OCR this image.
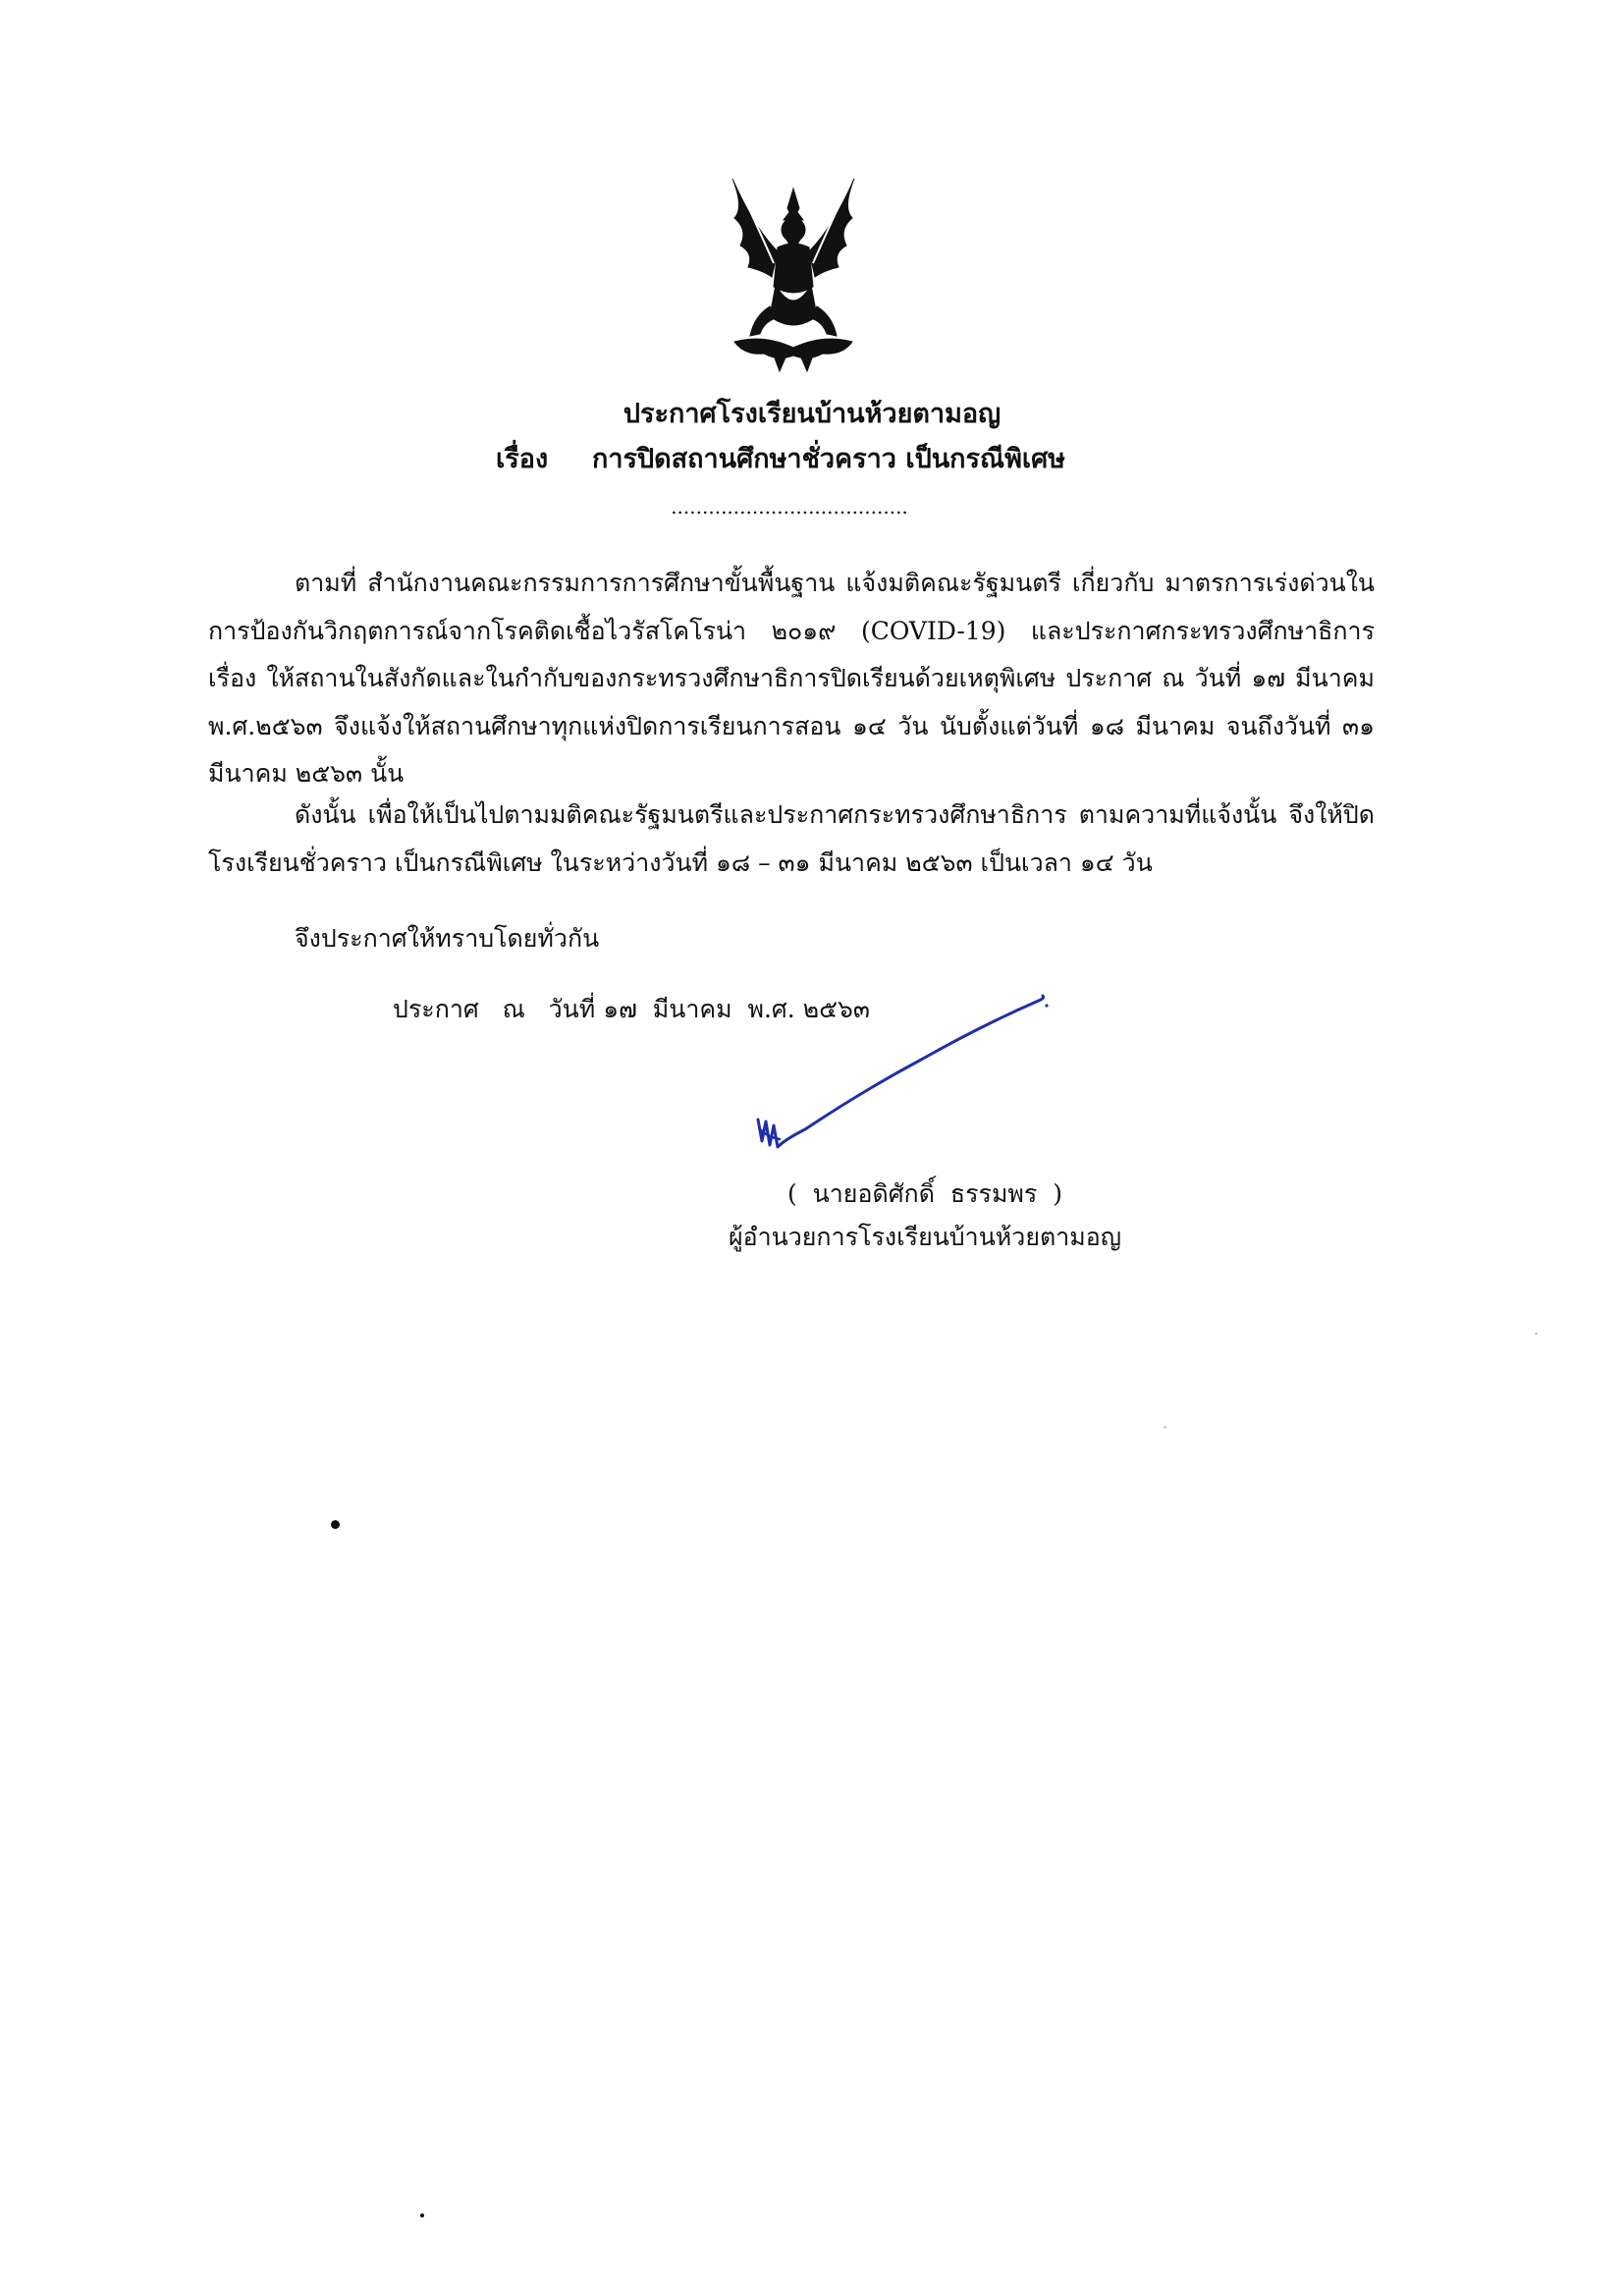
ประกาศโรงเรียนบ้านห้วยตามอญ
เรื่อง การปิดสถานศึกษาชั่วคราว เป็นกรณีพิเศษ
......................................
ตามที่ สำนักงานคณะกรรมการการศึกษาขั้นพื้นฐาน แจ้งมติคณะรัฐมนตรี เกี่ยวกับ มาตรการเร่งด่วนในการป้องกันวิกฤตการณ์จากโรคติดเชื้อไวรัสโคโรน่า ๒๐๑๙ (COVID-19) และประกาศกระทรวงศึกษาธิการ เรื่อง ให้สถานในสังกัดและในกำกับของกระทรวงศึกษาธิการปิดเรียนด้วยเหตุพิเศษ ประกาศ ณ วันที่ ๑๗ มีนาคม พ.ศ.๒๕๖๓ จึงแจ้งให้สถานศึกษาทุกแห่งปิดการเรียนการสอน ๑๔ วัน นับตั้งแต่วันที่ ๑๘ มีนาคม จนถึงวันที่ ๓๑ มีนาคม ๒๕๖๓ นั้น
ดังนั้น เพื่อให้เป็นไปตามมติคณะรัฐมนตรีและประกาศกระทรวงศึกษาธิการ ตามความที่แจ้งนั้น จึงให้ปิดโรงเรียนชั่วคราว เป็นกรณีพิเศษ ในระหว่างวันที่ ๑๘ – ๓๑ มีนาคม ๒๕๖๓ เป็นเวลา ๑๔ วัน
จึงประกาศให้ทราบโดยทั่วกัน
ประกาศ   ณ   วันที่ ๑๗  มีนาคม  พ.ศ. ๒๕๖๓
(  นายอดิศักดิ์  ธรรมพร  )
ผู้อำนวยการโรงเรียนบ้านห้วยตามอญ
